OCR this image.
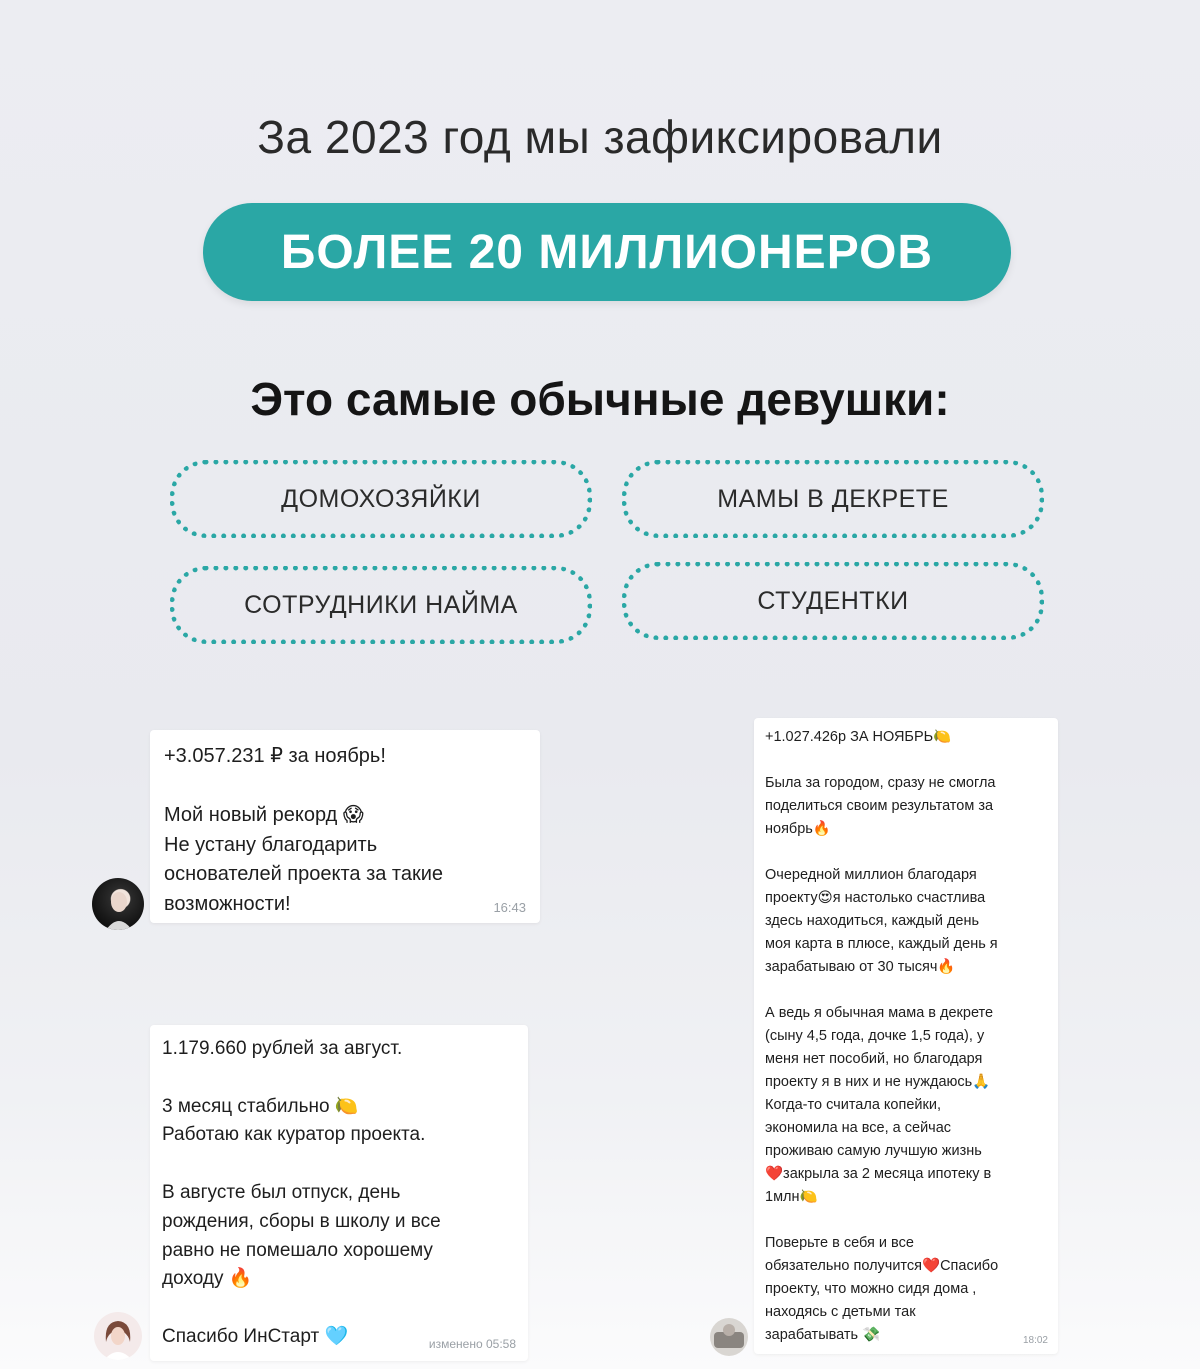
За 2023 год мы зафиксировали
БОЛЕЕ 20 МИЛЛИОНЕРОВ
Это самые обычные девушки:
ДОМОХОЗЯЙКИ	МАМЫ В ДЕКРЕТЕ
СОТРУДНИКИ НАЙМА	СТУДЕНТКИ
+3.057.231 ₽ за ноябрь!

Мой новый рекорд 😱
Не устану благодарить
основателей проекта за такие
возможности!	16:43
1.179.660 рублей за август.

3 месяц стабильно 🍋
Работаю как куратор проекта.

В августе был отпуск, день
рождения, сборы в школу и все
равно не помешало хорошему
доходу 🔥

Спасибо ИнСтарт 🩵	изменено 05:58
+1.027.426р ЗА НОЯБРЬ🍋

Была за городом, сразу не смогла
поделиться своим результатом за
ноябрь🔥

Очередной миллион благодаря
проекту😍я настолько счастлива
здесь находиться, каждый день
моя карта в плюсе, каждый день я
зарабатываю от 30 тысяч🔥

А ведь я обычная мама в декрете
(сыну 4,5 года, дочке 1,5 года), у
меня нет пособий, но благодаря
проекту я в них и не нуждаюсь🙏
Когда-то считала копейки,
экономила на все, а сейчас
проживаю самую лучшую жизнь
❤️закрыла за 2 месяца ипотеку в
1млн🍋

Поверьте в себя и все
обязательно получится❤️Спасибо
проекту, что можно сидя дома ,
находясь с детьми так
зарабатывать 💸	18:02
